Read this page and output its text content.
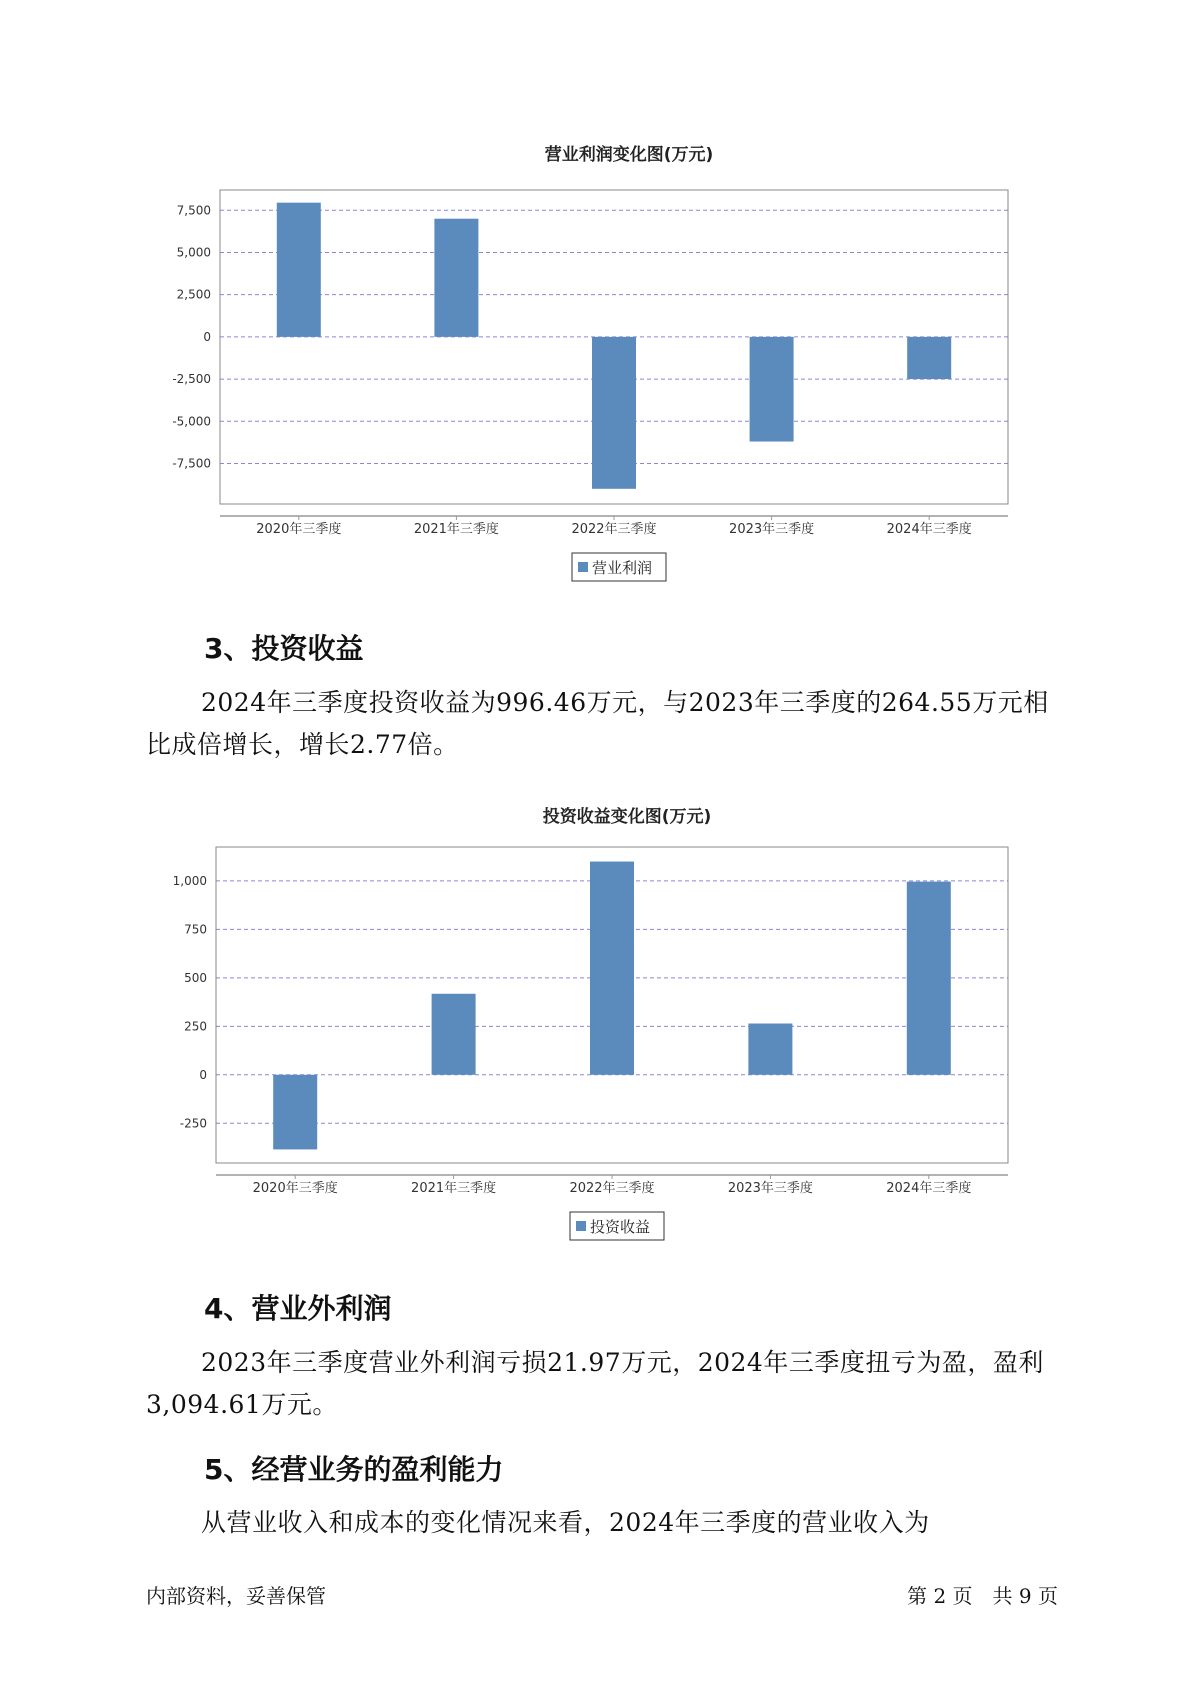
营业利润变化图(万元)
7,500
5,000
2,500
0
-2,500
-5,000
-7,500
2020年三季度	2021年三季度	2022年三季度	2023年三季度	2024年三季度
营业利润
投资收益变化图(万元)
1,000
750
500
250
0
-250
2020年三季度	2021年三季度	2022年三季度	2023年三季度	2024年三季度
投资收益
3、投资收益
2024年三季度投资收益为996.46万元，与2023年三季度的264.55万元相比成倍增长，增长2.77倍。
4、营业外利润
2023年三季度营业外利润亏损21.97万元，2024年三季度扭亏为盈，盈利3,094.61万元。
5、经营业务的盈利能力
从营业收入和成本的变化情况来看，2024年三季度的营业收入为
内部资料，妥善保管	第 2 页　共 9 页
